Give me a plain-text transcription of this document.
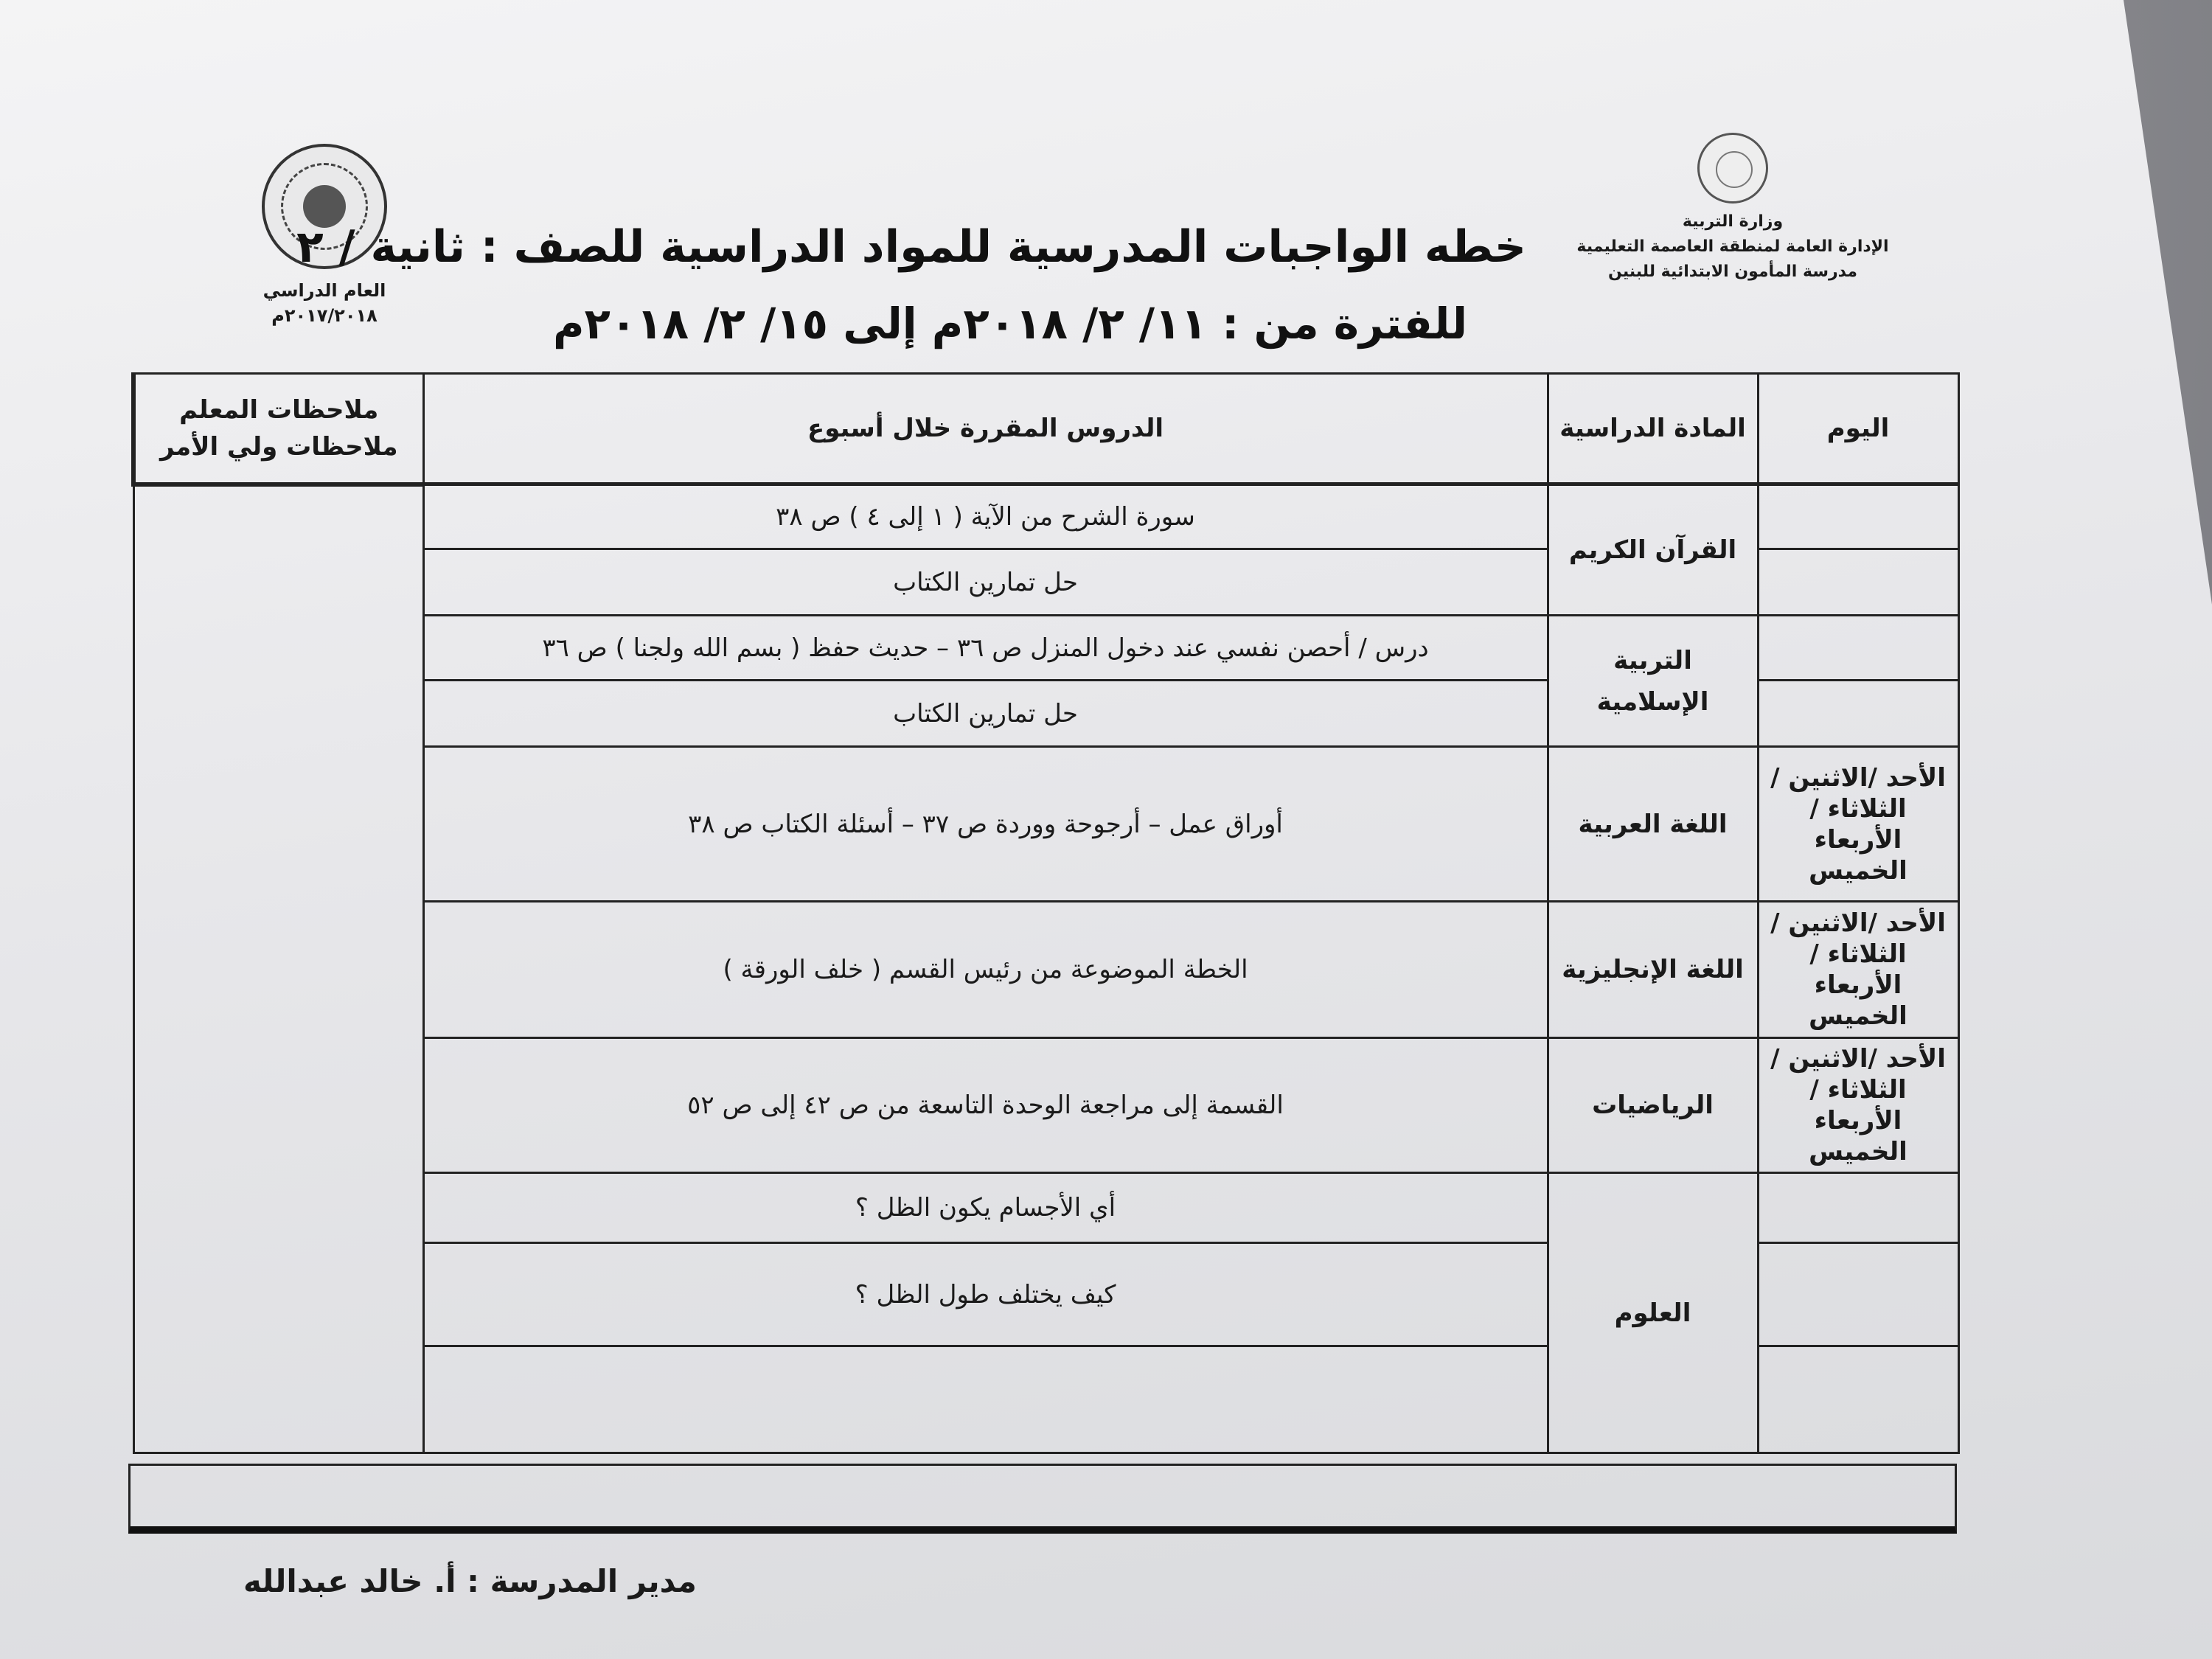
وزارة التربية
الإدارة العامة لمنطقة العاصمة التعليمية
مدرسة المأمون الابتدائية للبنين
العام الدراسي
٢٠١٧/٢٠١٨م
خطه الواجبات المدرسية للمواد الدراسية للصف : ثانية / ٢
للفترة من : ١١/ ٢/ ٢٠١٨م إلى ١٥/ ٢/ ٢٠١٨م
اليوم	المادة الدراسية	الدروس المقررة خلال أسبوع	ملاحظات المعلم
ملاحظات ولي الأمر

	القرآن الكريم	سورة الشرح من الآية ( ١ إلى ٤ ) ص ٣٨	
		حل تمارين الكتاب	
	التربية الإسلامية	درس / أحصن نفسي عند دخول المنزل ص ٣٦ – حديث حفظ ( بسم الله ولجنا ) ص ٣٦	
		حل تمارين الكتاب	
الأحد /الاثنين /الثلاثاء /الأربعاء الخميس	اللغة العربية	أوراق عمل – أرجوحة ووردة ص ٣٧ – أسئلة الكتاب ص ٣٨	
الأحد /الاثنين /الثلاثاء /الأربعاء الخميس	اللغة الإنجليزية	الخطة الموضوعة من رئيس القسم ( خلف الورقة )	
الأحد /الاثنين /الثلاثاء /الأربعاء الخميس	الرياضيات	القسمة إلى مراجعة الوحدة التاسعة من ص ٤٢ إلى ص ٥٢	
	العلوم	أي الأجسام يكون الظل ؟	
		كيف يختلف طول الظل ؟	

مدير المدرسة : أ. خالد عبدالله
